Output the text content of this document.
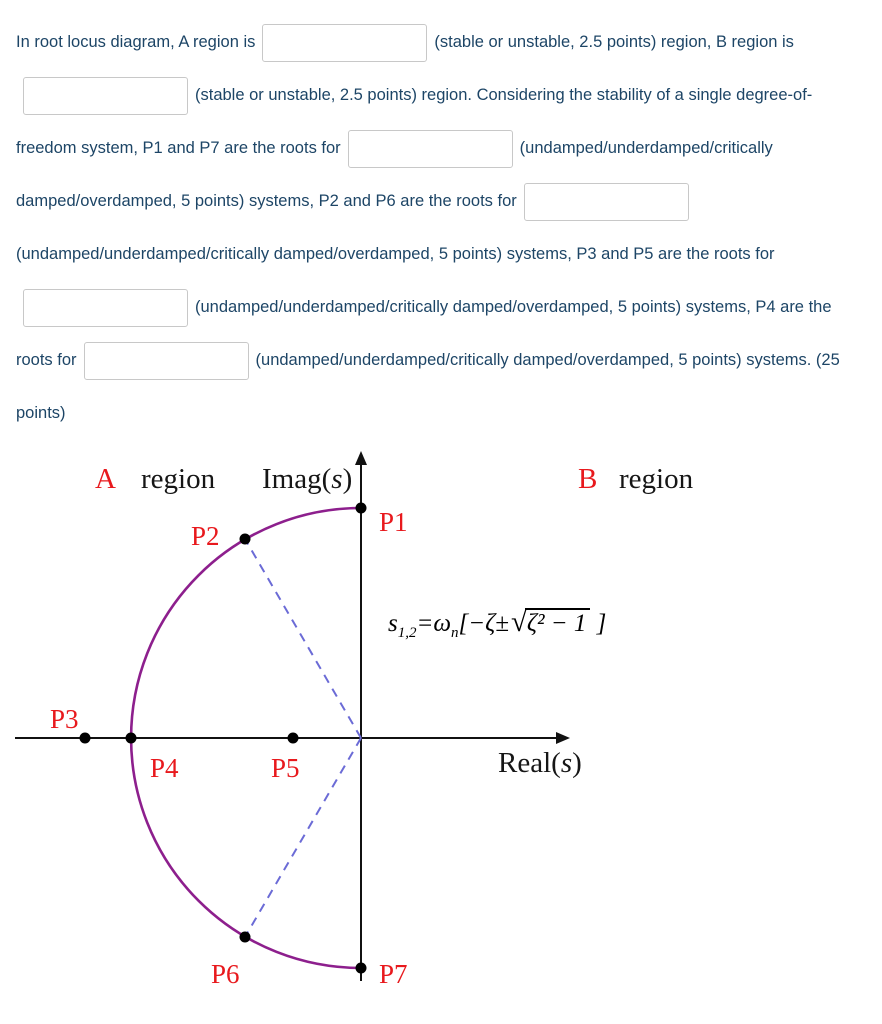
In root locus diagram, A region is	(stable or unstable, 2.5 points) region, B region is(stable or unstable, 2.5 points) region. Considering the stability of a single degree-of-freedom system, P1 and P7 are the roots for	(undamped/underdamped/critically damped/overdamped, 5 points) systems, P2 and P6 are the roots for(undamped/underdamped/critically damped/overdamped, 5 points) systems, P3 and P5 are the roots for(undamped/underdamped/critically damped/overdamped, 5 points) systems, P4 are the roots for	(undamped/underdamped/critically damped/overdamped, 5 points) systems. (25 points)
A region	B region
Imag(s)
Real(s)
P1
P2
P3
P4	P5
P6	P7
$s_{1,2}=\omega_n[-\zeta\pm√\zeta^2 - 1$ ]
